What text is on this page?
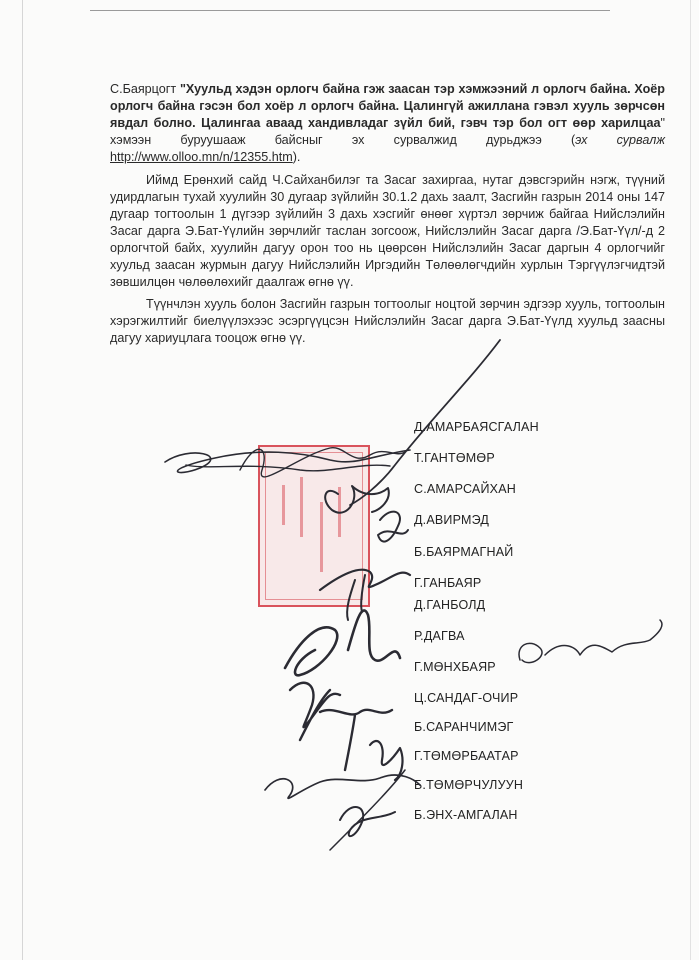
С.Баярцогт "Хуульд хэдэн орлогч байна гэж заасан тэр хэмжээний л орлогч байна. Хоёр орлогч байна гэсэн бол хоёр л орлогч байна. Цалингүй ажиллана гэвэл хууль зөрчсөн явдал болно. Цалингаа аваад хандивладаг зүйл бий, гэвч тэр бол огт өөр харилцаа" хэмээн буруушааж байсныг эх сурвалжид дурьджээ (эх сурвалж http://www.olloo.mn/n/12355.htm).

Иймд Ерөнхий сайд Ч.Сайханбилэг та Засаг захиргаа, нутаг дэвсгэрийн нэгж, түүний удирдлагын тухай хуулийн 30 дугаар зүйлийн 30.1.2 дахь заалт, Засгийн газрын 2014 оны 147 дугаар тогтоолын 1 дүгээр зүйлийн 3 дахь хэсгийг өнөөг хүртэл зөрчиж байгаа Нийслэлийн Засаг дарга Э.Бат-Үүлийн зөрчлийг таслан зогсоож, Нийслэлийн Засаг дарга /Э.Бат-Үүл/-д 2 орлогчтой байх, хуулийн дагуу орон тоо нь цөөрсөн Нийслэлийн Засаг даргын 4 орлогчийг хуульд заасан журмын дагуу Нийслэлийн Иргэдийн Төлөөлөгчдийн хурлын Тэргүүлэгчидтэй зөвшилцөн чөлөөлөхийг даалгаж өгнө үү.

Түүнчлэн хууль болон Засгийн газрын тогтоолыг ноцтой зөрчин эдгээр хууль, тогтоолын хэрэгжилтийг биелүүлэхээс эсэргүүцсэн Нийслэлийн Засаг дарга Э.Бат-Үүлд хуульд заасны дагуу хариуцлага тооцож өгнө үү.

Д.АМАРБАЯСГАЛАН
Т.ГАНТӨМӨР
С.АМАРСАЙХАН
Д.АВИРМЭД
Б.БАЯРМАГНАЙ
Г.ГАНБАЯР
Д.ГАНБОЛД
Р.ДАГВА
Г.МӨНХБАЯР
Ц.САНДАГ-ОЧИР
Б.САРАНЧИМЭГ
Г.ТӨМӨРБААТАР
Б.ТӨМӨРЧУЛУУН
Б.ЭНХ-АМГАЛАН
